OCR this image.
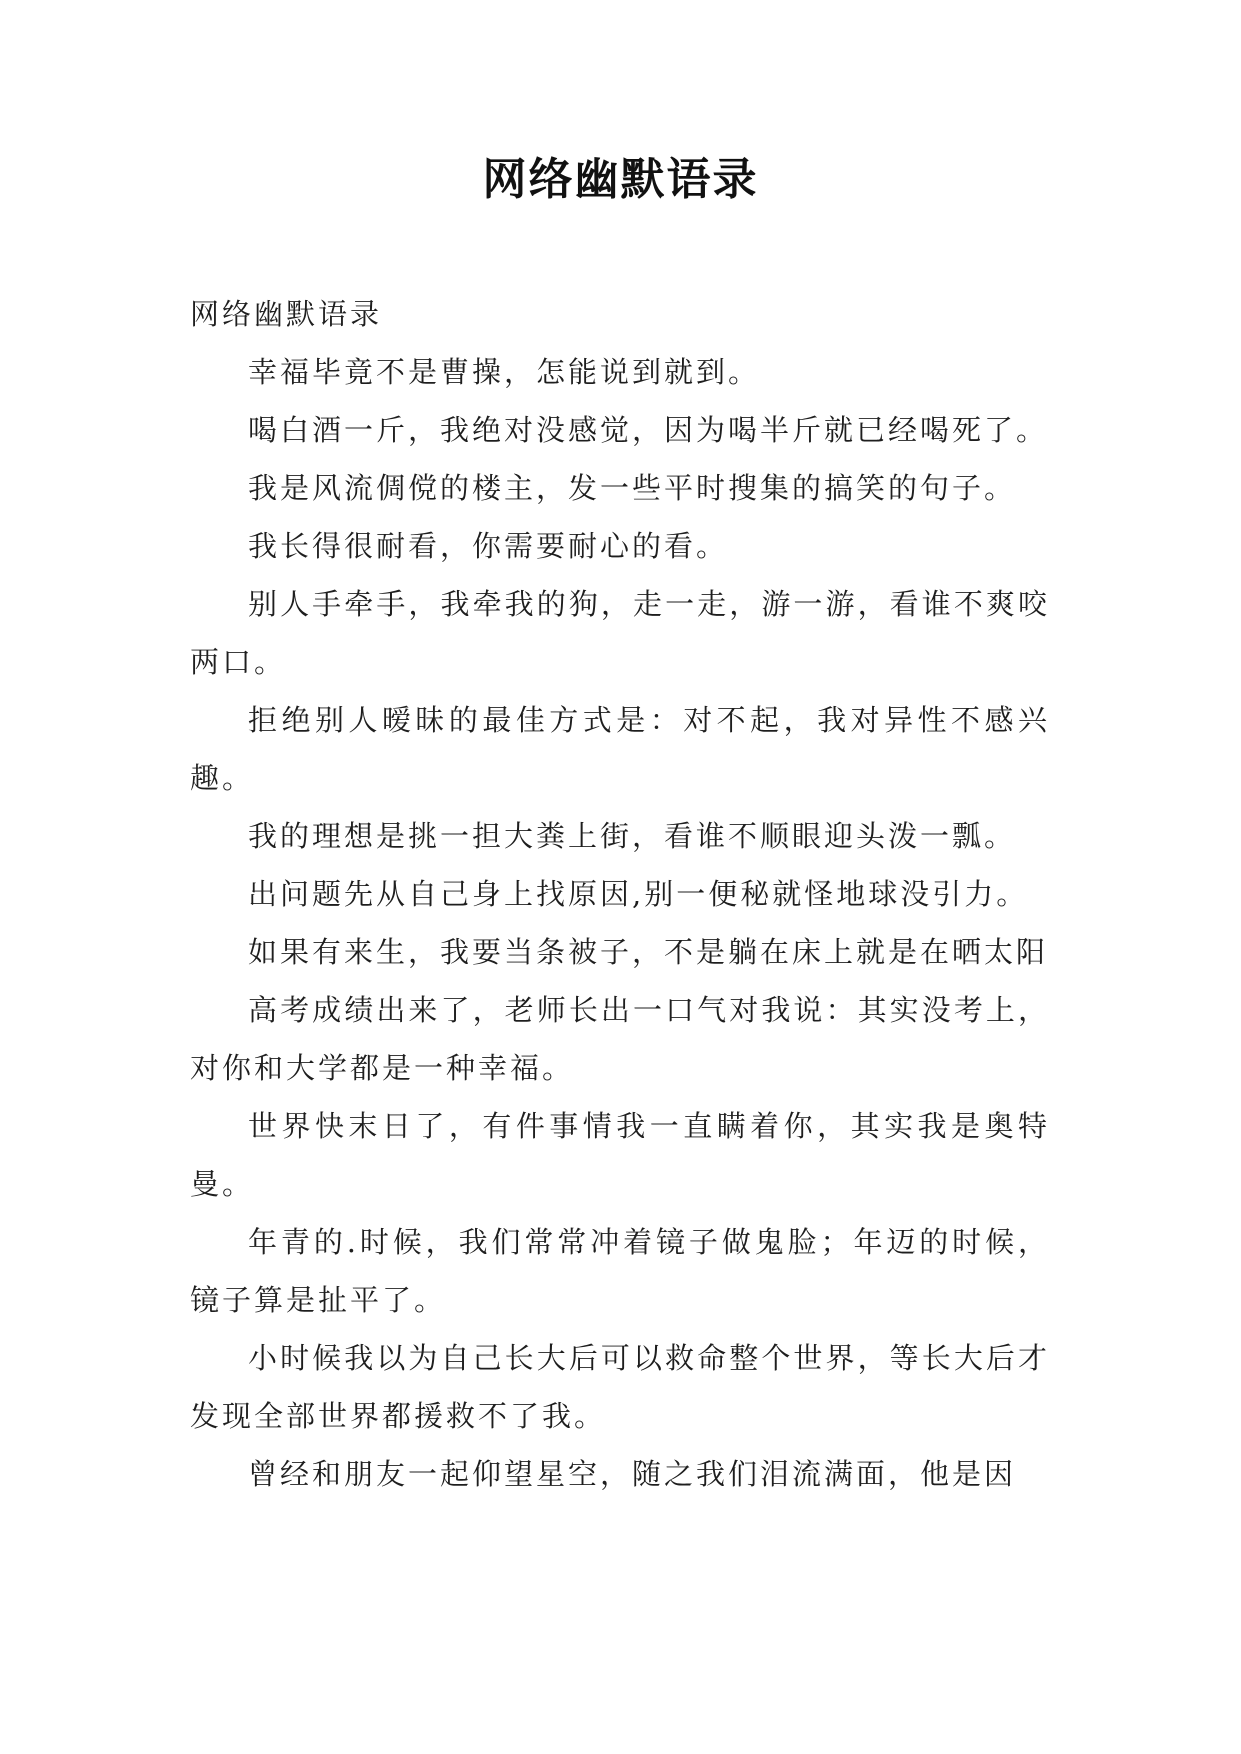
网络幽默语录

网络幽默语录

幸福毕竟不是曹操，怎能说到就到。

喝白酒一斤，我绝对没感觉，因为喝半斤就已经喝死了。

我是风流倜傥的楼主，发一些平时搜集的搞笑的句子。

我长得很耐看，你需要耐心的看。

别人手牵手，我牵我的狗，走一走，游一游，看谁不爽咬两口。

拒绝别人暧昧的最佳方式是：对不起，我对异性不感兴趣。

我的理想是挑一担大粪上街，看谁不顺眼迎头泼一瓢。

出问题先从自己身上找原因,别一便秘就怪地球没引力。

如果有来生，我要当条被子，不是躺在床上就是在晒太阳

高考成绩出来了，老师长出一口气对我说：其实没考上，对你和大学都是一种幸福。

世界快末日了，有件事情我一直瞒着你，其实我是奥特曼。

年青的.时候，我们常常冲着镜子做鬼脸；年迈的时候，镜子算是扯平了。

小时候我以为自己长大后可以救命整个世界，等长大后才发现全部世界都援救不了我。

曾经和朋友一起仰望星空，随之我们泪流满面，他是因
